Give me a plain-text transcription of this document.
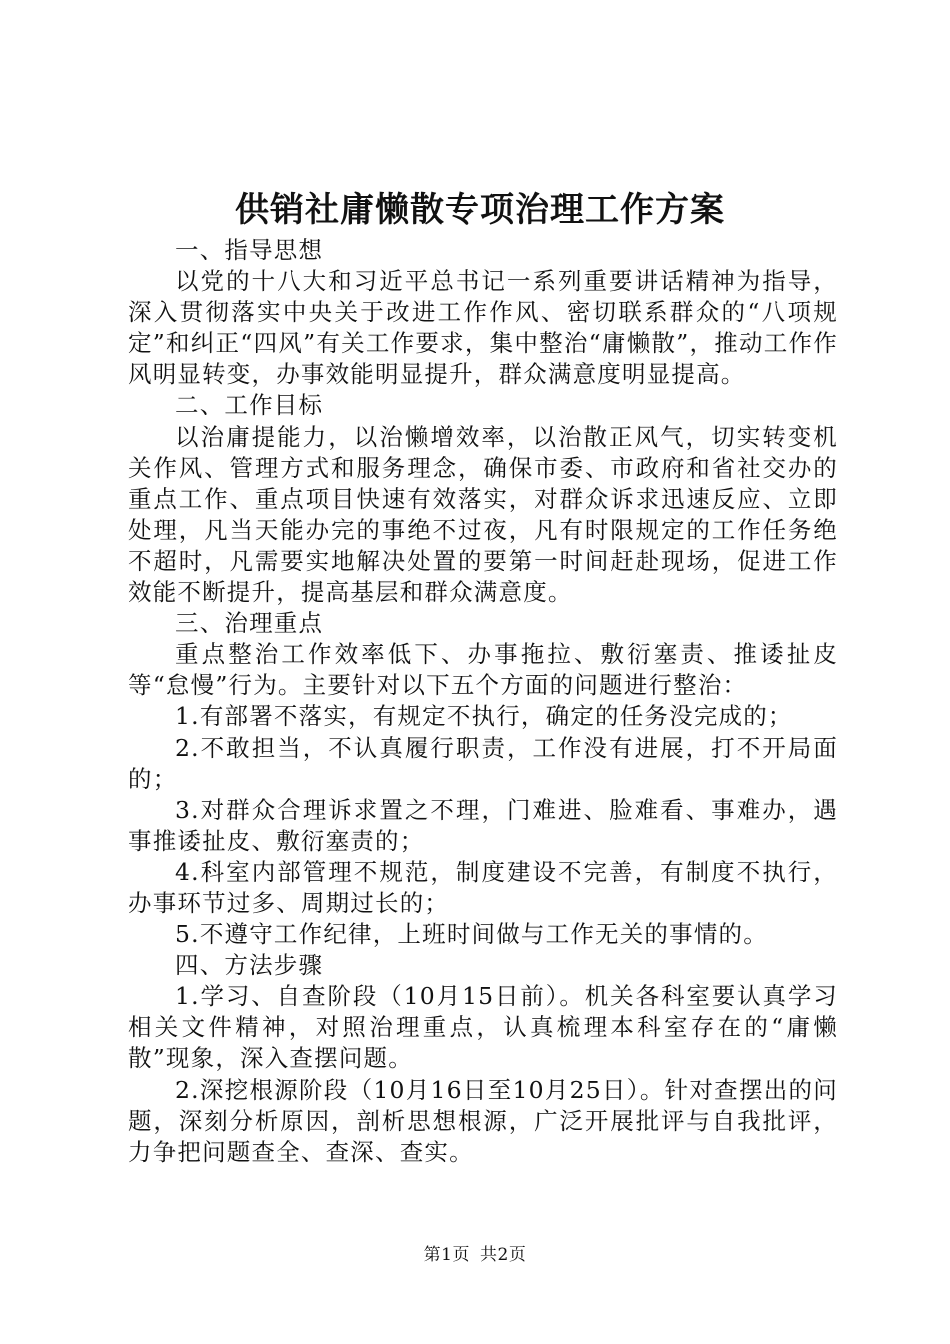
供销社庸懒散专项治理工作方案

一、指导思想

以党的十八大和习近平总书记一系列重要讲话精神为指导，深入贯彻落实中央关于改进工作作风、密切联系群众的“八项规定”和纠正“四风”有关工作要求，集中整治“庸懒散”，推动工作作风明显转变，办事效能明显提升，群众满意度明显提高。

二、工作目标

以治庸提能力，以治懒增效率，以治散正风气，切实转变机关作风、管理方式和服务理念，确保市委、市政府和省社交办的重点工作、重点项目快速有效落实，对群众诉求迅速反应、立即处理，凡当天能办完的事绝不过夜，凡有时限规定的工作任务绝不超时，凡需要实地解决处置的要第一时间赶赴现场，促进工作效能不断提升，提高基层和群众满意度。

三、治理重点

重点整治工作效率低下、办事拖拉、敷衍塞责、推诿扯皮等“怠慢”行为。主要针对以下五个方面的问题进行整治：

1.有部署不落实，有规定不执行，确定的任务没完成的；

2.不敢担当，不认真履行职责，工作没有进展，打不开局面的；

3.对群众合理诉求置之不理，门难进、脸难看、事难办，遇事推诿扯皮、敷衍塞责的；

4.科室内部管理不规范，制度建设不完善，有制度不执行，办事环节过多、周期过长的；

5.不遵守工作纪律，上班时间做与工作无关的事情的。

四、方法步骤

1.学习、自查阶段（10月15日前）。机关各科室要认真学习相关文件精神，对照治理重点，认真梳理本科室存在的“庸懒散”现象，深入查摆问题。

2.深挖根源阶段（10月16日至10月25日）。针对查摆出的问题，深刻分析原因，剖析思想根源，广泛开展批评与自我批评，力争把问题查全、查深、查实。

第1页 共2页
